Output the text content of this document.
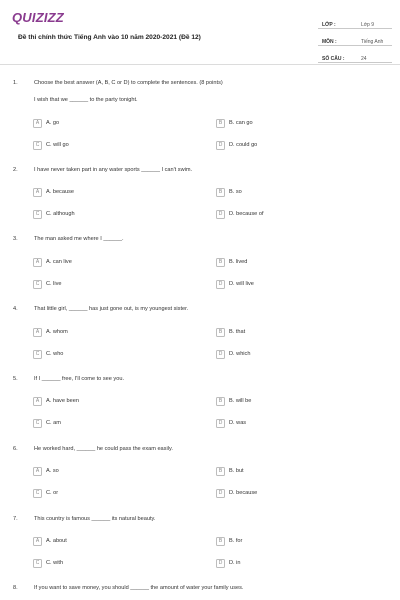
QUIZIZZ
Đề thi chính thức Tiếng Anh vào 10 năm 2020-2021 (Đề 12)
LỚP :	Lớp 9
MÔN :	Tiếng Anh
SỐ CÂU :	24
1.	Choose the best answer (A, B, C or D) to complete the sentences. (8 points)
I wish that we ______ to the party tonight.
A	A. go	B	B. can go
C	C. will go	D	D. could go
2.	I have never taken part in any water sports ______ I can't swim.
A	A. because	B	B. so
C	C. although	D	D. because of
3.	The man asked me where I ______.
A	A. can live	B	B. lived
C	C. live	D	D. will live
4.	That little girl, ______ has just gone out, is my youngest sister.
A	A. whom	B	B. that
C	C. who	D	D. which
5.	If I ______ free, I'll come to see you.
A	A. have been	B	B. will be
C	C. am	D	D. was
6.	He worked hard, ______ he could pass the exam easily.
A	A. so	B	B. but
C	C. or	D	D. because
7.	This country is famous ______ its natural beauty.
A	A. about	B	B. for
C	C. with	D	D. in
8.	If you want to save money, you should ______ the amount of water your family uses.
